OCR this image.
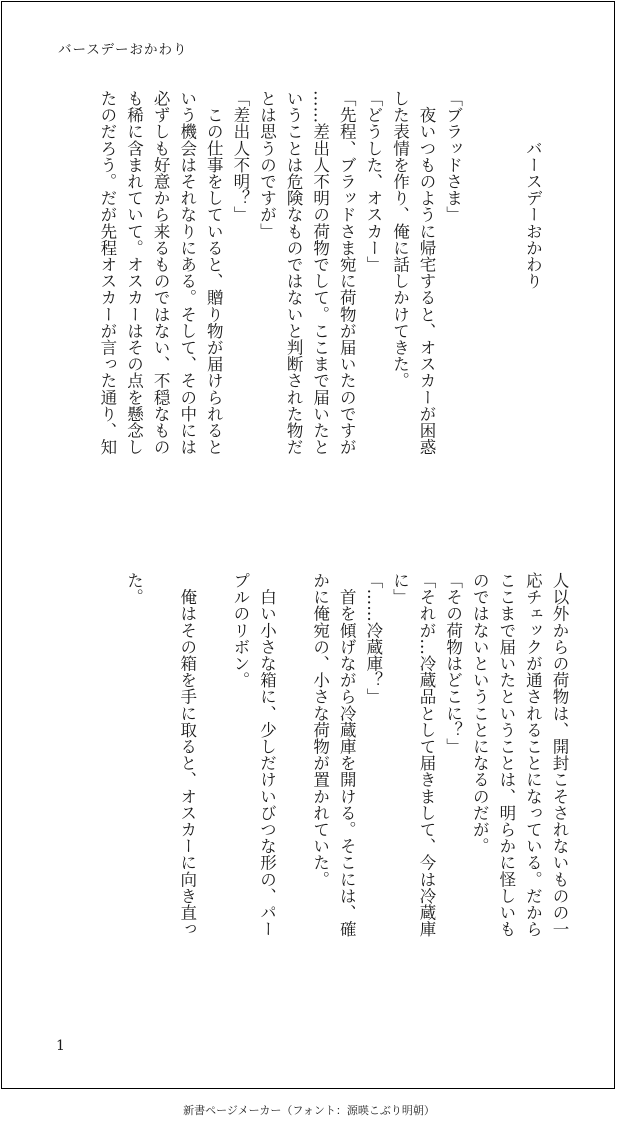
バースデーおかわり

　　　バースデーおかわり

「ブラッドさま」
　夜いつものように帰宅すると、オスカーが困惑
した表情を作り、俺に話しかけてきた。
「どうした、オスカー」
「先程、ブラッドさま宛に荷物が届いたのですが
……差出人不明の荷物でして。ここまで届いたと
いうことは危険なものではないと判断された物だ
とは思うのですが」
「差出人不明？」
　この仕事をしていると、贈り物が届けられると
いう機会はそれなりにある。そして、その中には
必ずしも好意から来るものではない、不穏なもの
も稀に含まれていて。オスカーはその点を懸念し
たのだろう。だが先程オスカーが言った通り、知
人以外からの荷物は、開封こそされないものの一
応チェックが通されることになっている。だから
ここまで届いたということは、明らかに怪しいも
のではないということになるのだが。
「その荷物はどこに？」
「それが…冷蔵品として届きまして、今は冷蔵庫
に」
「……冷蔵庫？」
　首を傾げながら冷蔵庫を開ける。そこには、確
かに俺宛の、小さな荷物が置かれていた。

　白い小さな箱に、少しだけいびつな形の、パー
プルのリボン。

　俺はその箱を手に取ると、オスカーに向き直っ

た。
1
新書ページメーカー（フォント：源暎こぶり明朝）
